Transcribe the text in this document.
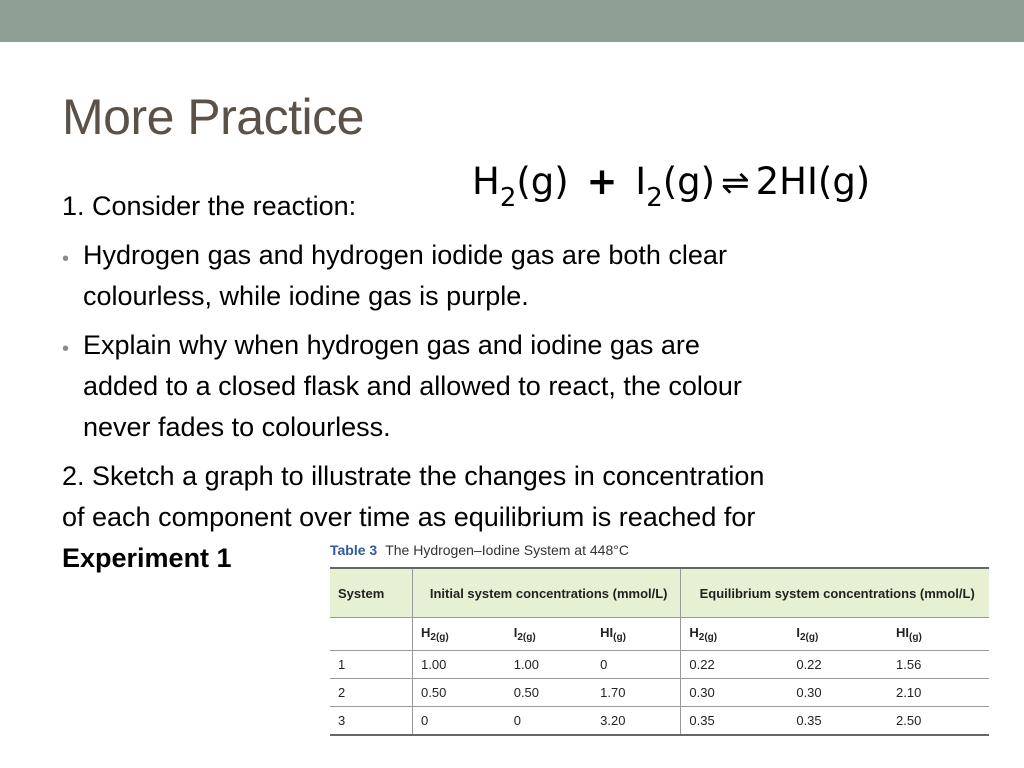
More Practice
$H_2(g) + I_2(g)$ ⇌ 2HI(g)
1. Consider the reaction:
• Hydrogen gas and hydrogen iodide gas are both clear
colourless, while iodine gas is purple.
• Explain why when hydrogen gas and iodine gas are
added to a closed flask and allowed to react, the colour
never fades to colourless.
2. Sketch a graph to illustrate the changes in concentration
of each component over time as equilibrium is reached for
Experiment 1	Table 3 The Hydrogen–Iodine System at 448°C
System	Initial system concentrations (mmol/L)			Equilibrium system concentrations (mmol/L)		
	$H_{2(g)}$	$I_{2(g)}$	$HI_{(g)}$	$H_{2(g)}$	$I_{2(g)}$	$HI_{(g)}$
1	1.00	1.00	0	0.22	0.22	1.56
2	0.50	0.50	1.70	0.30	0.30	2.10
3	0	0	3.20	0.35	0.35	2.50
